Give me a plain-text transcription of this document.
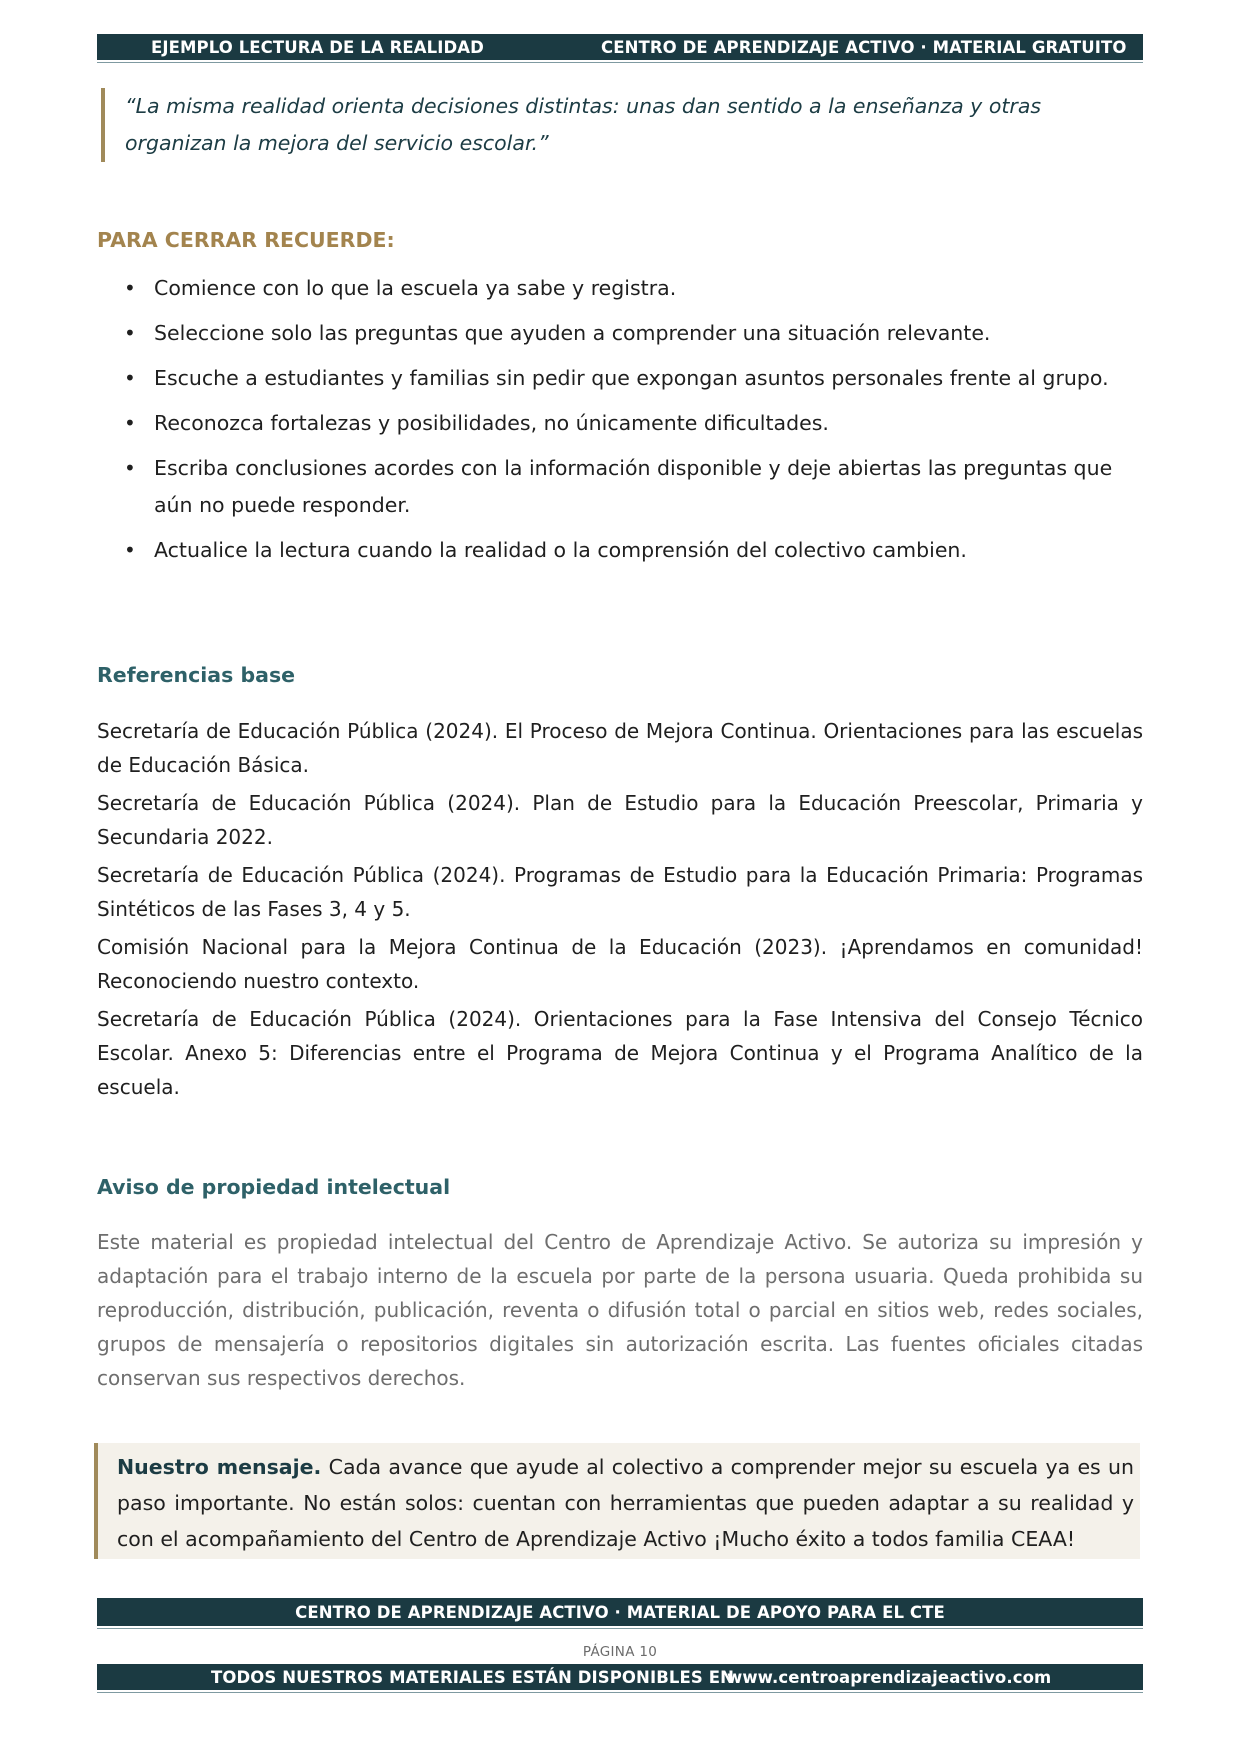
EJEMPLO LECTURA DE LA REALIDAD	CENTRO DE APRENDIZAJE ACTIVO · MATERIAL GRATUITO

“La misma realidad orienta decisiones distintas: unas dan sentido a la enseñanza y otras organizan la mejora del servicio escolar.”

PARA CERRAR RECUERDE:
• Comience con lo que la escuela ya sabe y registra.
• Seleccione solo las preguntas que ayuden a comprender una situación relevante.
• Escuche a estudiantes y familias sin pedir que expongan asuntos personales frente al grupo.
• Reconozca fortalezas y posibilidades, no únicamente dificultades.
• Escriba conclusiones acordes con la información disponible y deje abiertas las preguntas que aún no puede responder.
• Actualice la lectura cuando la realidad o la comprensión del colectivo cambien.
Referencias base

Secretaría de Educación Pública (2024). El Proceso de Mejora Continua. Orientaciones para las escuelas de Educación Básica.

Secretaría de Educación Pública (2024). Plan de Estudio para la Educación Preescolar, Primaria y Secundaria 2022.

Secretaría de Educación Pública (2024). Programas de Estudio para la Educación Primaria: Programas Sintéticos de las Fases 3, 4 y 5.

Comisión Nacional para la Mejora Continua de la Educación (2023). ¡Aprendamos en comunidad! Reconociendo nuestro contexto.

Secretaría de Educación Pública (2024). Orientaciones para la Fase Intensiva del Consejo Técnico Escolar. Anexo 5: Diferencias entre el Programa de Mejora Continua y el Programa Analítico de la escuela.

Aviso de propiedad intelectual

Este material es propiedad intelectual del Centro de Aprendizaje Activo. Se autoriza su impresión y adaptación para el trabajo interno de la escuela por parte de la persona usuaria. Queda prohibida su reproducción, distribución, publicación, reventa o difusión total o parcial en sitios web, redes sociales, grupos de mensajería o repositorios digitales sin autorización escrita. Las fuentes oficiales citadas conservan sus respectivos derechos.

Nuestro mensaje. Cada avance que ayude al colectivo a comprender mejor su escuela ya es un paso importante. No están solos: cuentan con herramientas que pueden adaptar a su realidad y con el acompañamiento del Centro de Aprendizaje Activo ¡Mucho éxito a todos familia CEAA!

CENTRO DE APRENDIZAJE ACTIVO · MATERIAL DE APOYO PARA EL CTE
PÁGINA 10
TODOS NUESTROS MATERIALES ESTÁN DISPONIBLES EN
www.centroaprendizajeactivo.com
